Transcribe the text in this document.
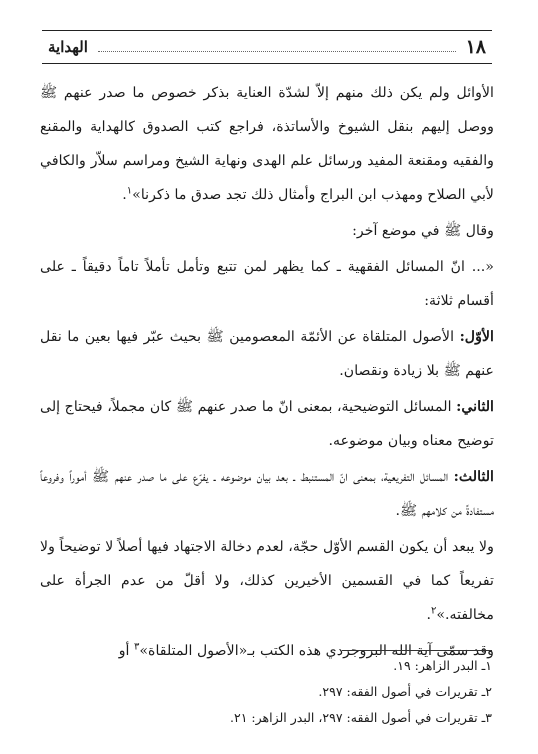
١٨
الهداية

الأوائل ولم يكن ذلك منهم إلاّ لشدّة العناية بذكر خصوص ما صدر عنهم ﷺ ووصل إليهم بنقل الشيوخ والأساتذة، فراجع كتب الصدوق كالهداية والمقنع والفقيه ومقنعة المفيد ورسائل علم الهدى ونهاية الشيخ ومراسم سلاّر والكافي لأبي الصلاح ومهذب ابن البراج وأمثال ذلك تجد صدق ما ذكرنا»$^١$.

وقال ﷺ في موضع آخر:

«... انّ المسائل الفقهية ـ كما يظهر لمن تتبع وتأمل تأملاً تاماً دقيقاً ـ على أقسام ثلاثة:

الأوّل: الأصول المتلقاة عن الأئمّة المعصومين ﷺ بحيث عبّر فيها بعين ما نقل عنهم ﷺ بلا زيادة ونقصان.

الثاني: المسائل التوضيحية، بمعنى انّ ما صدر عنهم ﷺ كان مجملاً، فيحتاج إلى توضيح معناه وبيان موضوعه.

الثالث: المسائل التفريعية، بمعنى انّ المستنبط ـ بعد بيان موضوعه ـ يفرّع على ما صدر عنهم ﷺ أموراً وفروعاً مستفادةً من كلامهم ﷺ.

ولا يبعد أن يكون القسم الأوّل حجّة، لعدم دخالة الاجتهاد فيها أصلاً لا توضيحاً ولا تفريعاً كما في القسمين الأخيرين كذلك، ولا أقلّ من عدم الجرأة على مخالفته.»$^٢$.

وقد سمّى آية الله البروجردي هذه الكتب بـ«الأصول المتلقاة»$^٣$ أو

١ـ البدر الزاهر: ١٩.

٢ـ تقريرات في أصول الفقه: ٢٩٧.

٣ـ تقريرات في أصول الفقه: ٢٩٧، البدر الزاهر: ٢١.
